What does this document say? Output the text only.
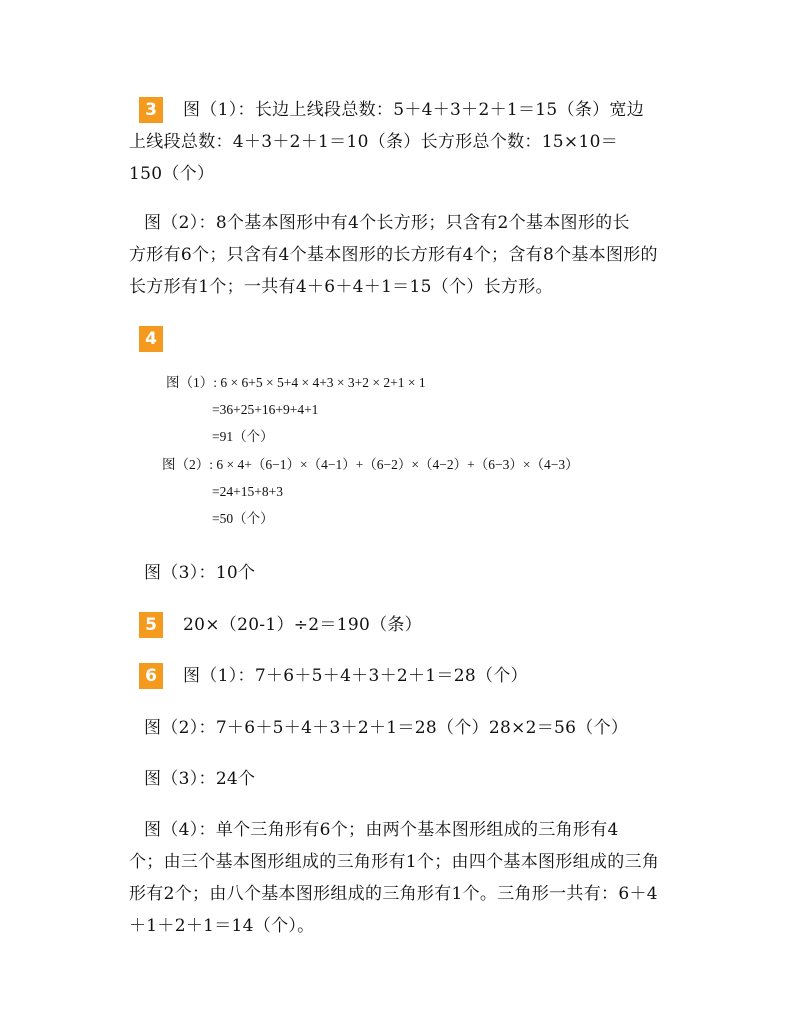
3	图（1）：长边上线段总数：5＋4＋3＋2＋1＝15（条）宽边
上线段总数：4＋3＋2＋1＝10（条）长方形总个数：15×10＝
150（个）
图（2）：8个基本图形中有4个长方形；只含有2个基本图形的长
方形有6个；只含有4个基本图形的长方形有4个；含有8个基本图形的
长方形有1个；一共有4＋6＋4＋1＝15（个）长方形。
4
图（1）: 6 × 6+5 × 5+4 × 4+3 × 3+2 × 2+1 × 1
=36+25+16+9+4+1
=91（个）
图（2）: 6 × 4+（6−1）×（4−1）+（6−2）×（4−2）+（6−3）×（4−3）
=24+15+8+3
=50（个）
图（3）：10个
5	20×（20-1）÷2＝190（条）
6	图（1）：7＋6＋5＋4＋3＋2＋1＝28（个）
图（2）：7＋6＋5＋4＋3＋2＋1＝28（个）28×2＝56（个）
图（3）：24个
图（4）：单个三角形有6个；由两个基本图形组成的三角形有4
个；由三个基本图形组成的三角形有1个；由四个基本图形组成的三角
形有2个；由八个基本图形组成的三角形有1个。三角形一共有：6＋4
＋1＋2＋1＝14（个）。
